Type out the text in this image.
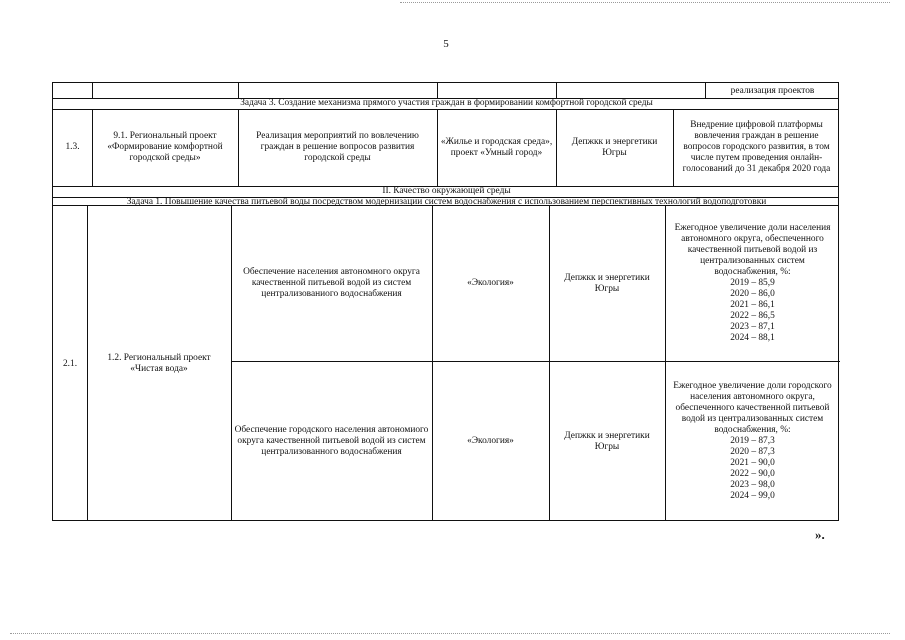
5
реализация проектов
Задача 3. Создание механизма прямого участия граждан в формировании комфортной городской среды
1.3.
9.1. Региональный проект «Формирование комфортной городской среды»
Реализация мероприятий по вовлечению граждан в решение вопросов развития городской среды
«Жилье и городская среда», проект «Умный город»
Депжкк и энергетики Югры
Внедрение цифровой платформы вовлечения граждан в решение вопросов городского развития, в том числе путем проведения онлайн-голосований до 31 декабря 2020 года
II. Качество окружающей среды
Задача 1. Повышение качества питьевой воды посредством модернизации систем водоснабжения с использованием перспективных технологий водоподготовки
2.1.
1.2. Региональный проект «Чистая вода»
Обеспечение населения автономного округа качественной питьевой водой из систем централизованиого водоснабжения
«Экология»
Депжкк и энергетики Югры
Ежегодное увеличение доли населения автономного округа, обеспеченного качественной питьевой водой из централизованных систем водоснабжения, %:
2019 – 85,9
2020 – 86,0
2021 – 86,1
2022 – 86,5
2023 – 87,1
2024 – 88,1
Обеспечение городского населения автономиого округа качественной питьевой водой из систем централизованного водоснабжения
«Экология»
Депжкк и энергетики Югры
Ежегодное увеличение доли городского населения автономного округа, обеспеченного качественной питьевой водой из централизованных систем водоснабжения, %:
2019 – 87,3
2020 – 87,3
2021 – 90,0
2022 – 90,0
2023 – 98,0
2024 – 99,0
».
